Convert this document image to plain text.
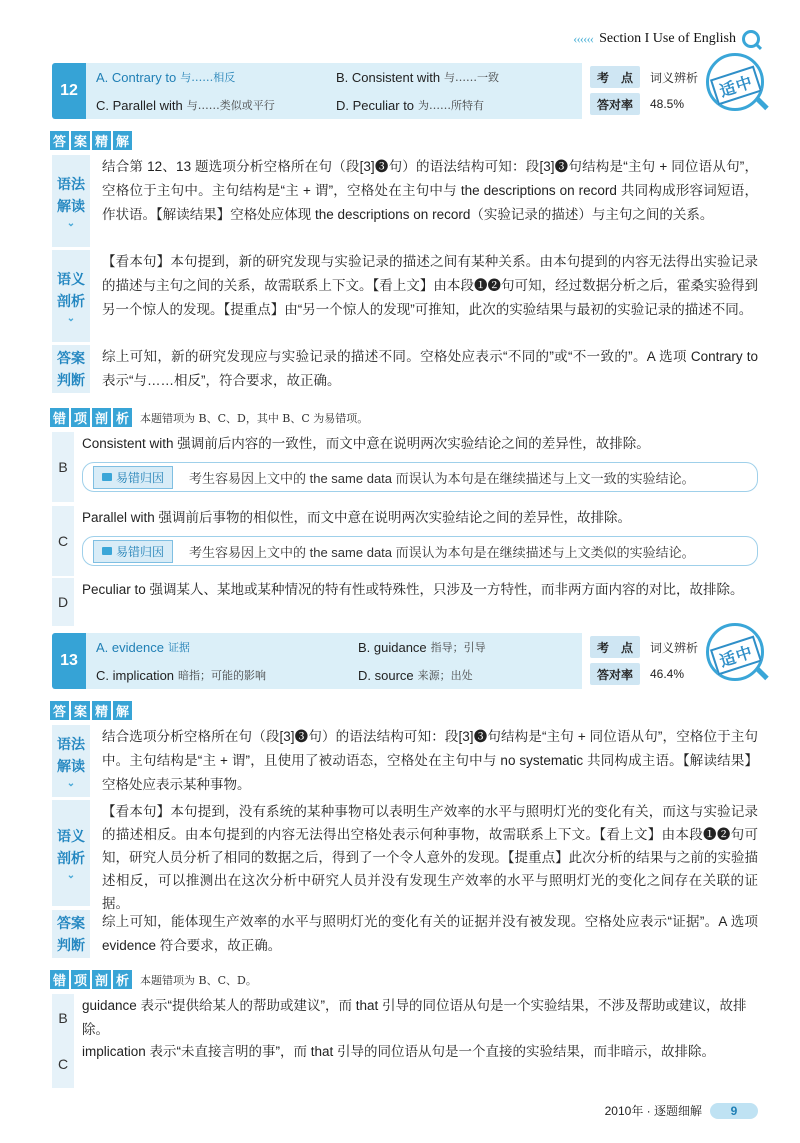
‹‹‹‹‹‹ Section I Use of English
12
A. Contrary to 与……相反	B. Consistent with 与……一致
C. Parallel with 与……类似或平行	D. Peculiar to 为……所特有
考　点	词义辨析
答对率	48.5%
适中
答 案 精 解
语法解读
⌄
结合第 12、13 题选项分析空格所在句（段[3]❸句）的语法结构可知：段[3]❸句结构是“主句 + 同位语从句”，空格位于主句中。主句结构是“主 + 谓”，空格处在主句中与 the descriptions on record 共同构成形容词短语，作状语。【解读结果】空格处应体现 the descriptions on record（实验记录的描述）与主句之间的关系。
语义剖析
⌄
【看本句】本句提到，新的研究发现与实验记录的描述之间有某种关系。由本句提到的内容无法得出实验记录的描述与主句之间的关系，故需联系上下文。【看上文】由本段❶❷句可知，经过数据分析之后，霍桑实验得到另一个惊人的发现。【提重点】由“另一个惊人的发现”可推知，此次的实验结果与最初的实验记录的描述不同。
答案判断
综上可知，新的研究发现应与实验记录的描述不同。空格处应表示“不同的”或“不一致的”。A 选项 Contrary to 表示“与……相反”，符合要求，故正确。
错 项 剖 析 本题错项为 B、C、D，其中 B、C 为易错项。
B
Consistent with 强调前后内容的一致性，而文中意在说明两次实验结论之间的差异性，故排除。
易错归因 考生容易因上文中的 the same data 而误认为本句是在继续描述与上文一致的实验结论。
C
Parallel with 强调前后事物的相似性，而文中意在说明两次实验结论之间的差异性，故排除。
易错归因 考生容易因上文中的 the same data 而误认为本句是在继续描述与上文类似的实验结论。
D
Peculiar to 强调某人、某地或某种情况的特有性或特殊性，只涉及一方特性，而非两方面内容的对比，故排除。
13
A. evidence 证据	B. guidance 指导；引导
C. implication 暗指；可能的影响	D. source 来源；出处
考　点	词义辨析
答对率	46.4%
适中
答 案 精 解
语法解读
⌄
结合选项分析空格所在句（段[3]❸句）的语法结构可知：段[3]❸句结构是“主句 + 同位语从句”，空格位于主句中。主句结构是“主 + 谓”，且使用了被动语态，空格处在主句中与 no systematic 共同构成主语。【解读结果】空格处应表示某种事物。
语义剖析
⌄
【看本句】本句提到，没有系统的某种事物可以表明生产效率的水平与照明灯光的变化有关，而这与实验记录的描述相反。由本句提到的内容无法得出空格处表示何种事物，故需联系上下文。【看上文】由本段❶❷句可知，研究人员分析了相同的数据之后，得到了一个令人意外的发现。【提重点】此次分析的结果与之前的实验描述相反，可以推测出在这次分析中研究人员并没有发现生产效率的水平与照明灯光的变化之间存在关联的证据。
答案判断
综上可知，能体现生产效率的水平与照明灯光的变化有关的证据并没有被发现。空格处应表示“证据”。A 选项 evidence 符合要求，故正确。
错 项 剖 析 本题错项为 B、C、D。
B
guidance 表示“提供给某人的帮助或建议”，而 that 引导的同位语从句是一个实验结果，不涉及帮助或建议，故排除。
C
implication 表示“未直接言明的事”，而 that 引导的同位语从句是一个直接的实验结果，而非暗示，故排除。
2010年 · 逐题细解	9
